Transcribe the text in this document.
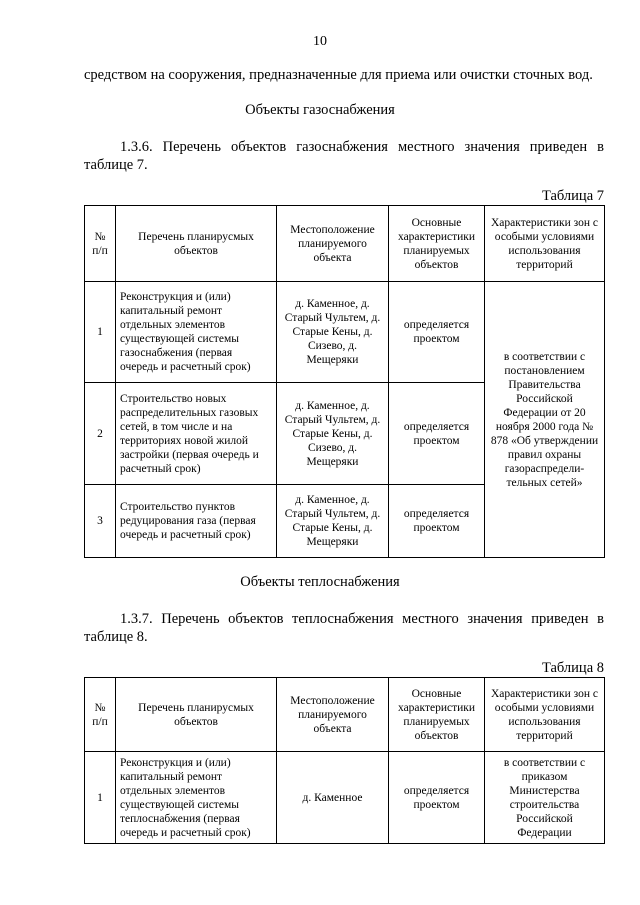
10
средством на сооружения, предназначенные для приема или очистки сточных вод.
Объекты газоснабжения
1.3.6. Перечень объектов газоснабжения местного значения приведен в таблице 7.
Таблица 7
№ п/п	Перечень планирусмых объектов	Местоположение планируемого объекта	Основные характеристики планируемых объектов	Характеристики зон с особыми условиями использования территорий
1	Реконструкция и (или) капитальный ремонт отдельных элементов существующей системы газоснабжения (первая очередь и расчетный срок)	д. Каменное, д. Старый Чультем, д. Старые Кены, д. Сизево, д. Мещеряки	определяется проектом	в соответствии с постановлением Правительства Российской Федерации от 20 ноября 2000 года № 878 «Об утверждении правил охраны газораспредели-тельных сетей»
2	Строительство новых распределительных газовых сетей, в том числе и на территориях новой жилой застройки (первая очередь и расчетный срок)	д. Каменное, д. Старый Чультем, д. Старые Кены, д. Сизево, д. Мещеряки	определяется проектом	
3	Строительство пунктов редуцирования газа (первая очередь и расчетный срок)	д. Каменное, д. Старый Чультем, д. Старые Кены, д. Мещеряки	определяется проектом	
Объекты теплоснабжения
1.3.7. Перечень объектов теплоснабжения местного значения приведен в таблице 8.
Таблица 8
№ п/п	Перечень планирусмых объектов	Местоположение планируемого объекта	Основные характеристики планируемых объектов	Характеристики зон с особыми условиями использования территорий
1	Реконструкция и (или) капитальный ремонт отдельных элементов существующей системы теплоснабжения (первая очередь и расчетный срок)	д. Каменное	определяется проектом	в соответствии с приказом Министерства строительства Российской Федерации
